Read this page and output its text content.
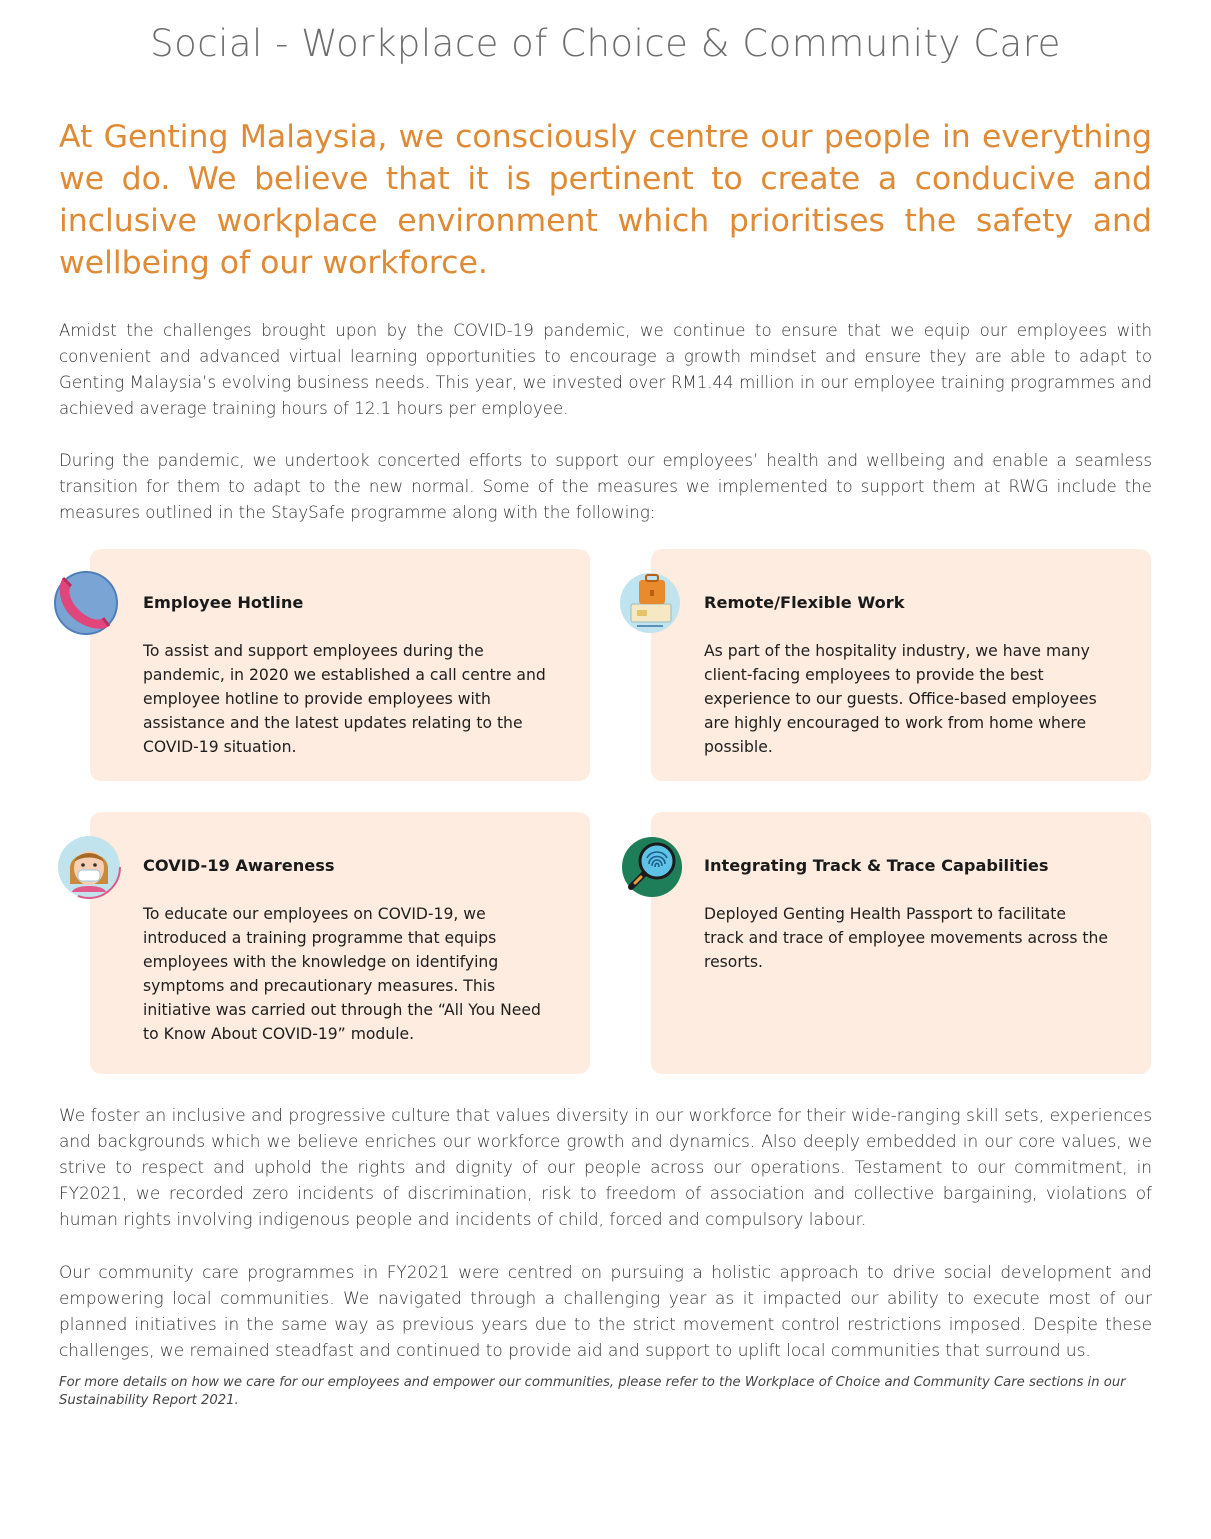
Social - Workplace of Choice & Community Care

At Genting Malaysia, we consciously centre our people in everything we do. We believe that it is pertinent to create a conducive and inclusive workplace environment which prioritises the safety and wellbeing of our workforce.

Amidst the challenges brought upon by the COVID-19 pandemic, we continue to ensure that we equip our employees with convenient and advanced virtual learning opportunities to encourage a growth mindset and ensure they are able to adapt to Genting Malaysia’s evolving business needs. This year, we invested over RM1.44 million in our employee training programmes and achieved average training hours of 12.1 hours per employee.

During the pandemic, we undertook concerted efforts to support our employees’ health and wellbeing and enable a seamless transition for them to adapt to the new normal. Some of the measures we implemented to support them at RWG include the measures outlined in the StaySafe programme along with the following:

Employee Hotline

To assist and support employees during the pandemic, in 2020 we established a call centre and employee hotline to provide employees with assistance and the latest updates relating to the COVID-19 situation.

Remote/Flexible Work

As part of the hospitality industry, we have many client-facing employees to provide the best experience to our guests. Office-based employees are highly encouraged to work from home where possible.

COVID-19 Awareness

To educate our employees on COVID-19, we introduced a training programme that equips employees with the knowledge on identifying symptoms and precautionary measures. This initiative was carried out through the “All You Need to Know About COVID-19” module.

Integrating Track & Trace Capabilities

Deployed Genting Health Passport to facilitate track and trace of employee movements across the resorts.

We foster an inclusive and progressive culture that values diversity in our workforce for their wide-ranging skill sets, experiences and backgrounds which we believe enriches our workforce growth and dynamics. Also deeply embedded in our core values, we strive to respect and uphold the rights and dignity of our people across our operations. Testament to our commitment, in FY2021, we recorded zero incidents of discrimination, risk to freedom of association and collective bargaining, violations of human rights involving indigenous people and incidents of child, forced and compulsory labour.

Our community care programmes in FY2021 were centred on pursuing a holistic approach to drive social development and empowering local communities. We navigated through a challenging year as it impacted our ability to execute most of our planned initiatives in the same way as previous years due to the strict movement control restrictions imposed. Despite these challenges, we remained steadfast and continued to provide aid and support to uplift local communities that surround us.

For more details on how we care for our employees and empower our communities, please refer to the Workplace of Choice and Community Care sections in our Sustainability Report 2021.
